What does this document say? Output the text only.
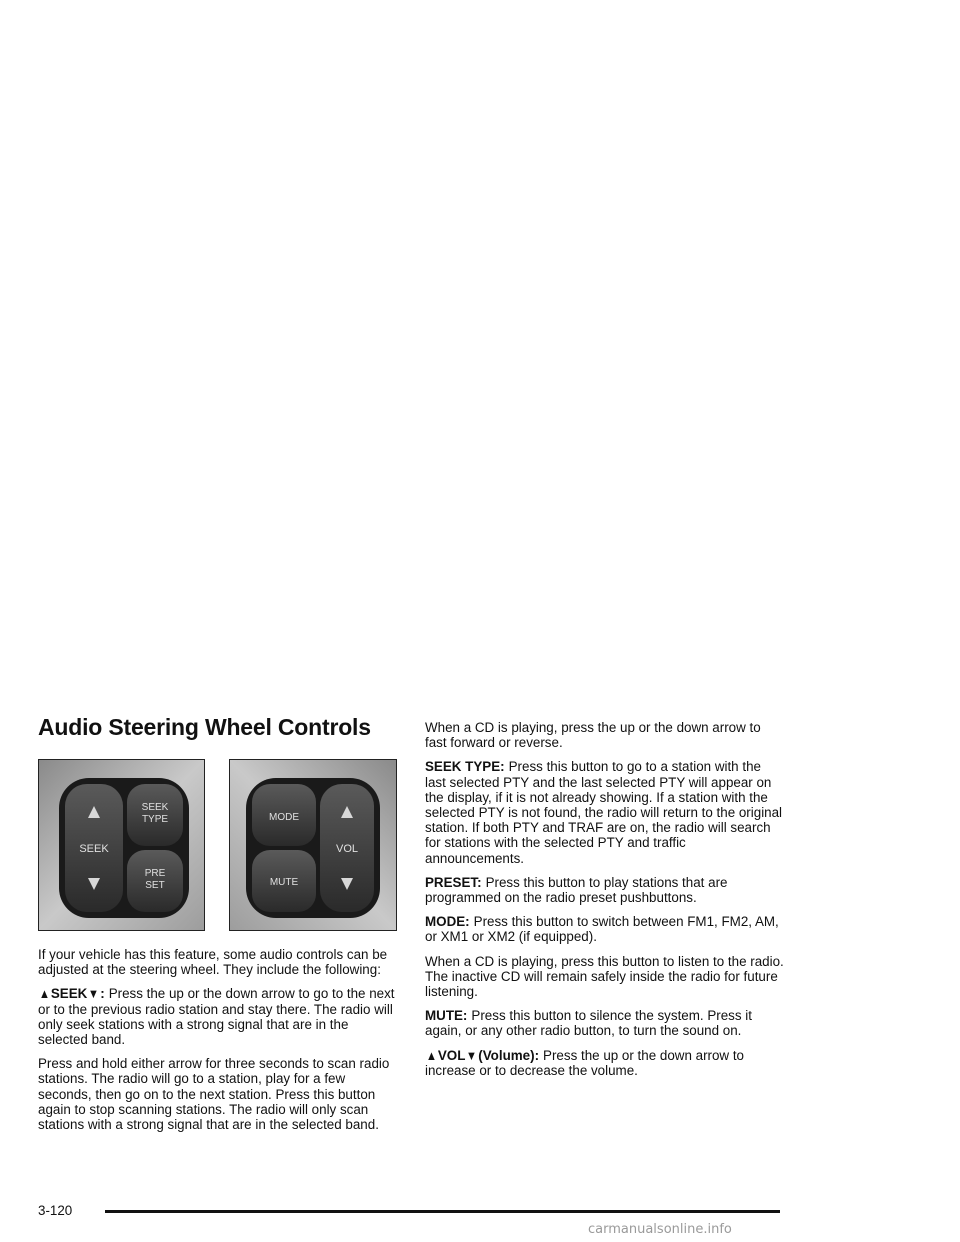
Audio Steering Wheel Controls
SEEK
SEEK TYPE
PRE SET
MODE
MUTE
VOL

If your vehicle has this feature, some audio controls can be adjusted at the steering wheel. They include the following:

▲SEEK▼: Press the up or the down arrow to go to the next or to the previous radio station and stay there. The radio will only seek stations with a strong signal that are in the selected band.

Press and hold either arrow for three seconds to scan radio stations. The radio will go to a station, play for a few seconds, then go on to the next station. Press this button again to stop scanning stations. The radio will only scan stations with a strong signal that are in the selected band.

When a CD is playing, press the up or the down arrow to fast forward or reverse.

SEEK TYPE: Press this button to go to a station with the last selected PTY and the last selected PTY will appear on the display, if it is not already showing. If a station with the selected PTY is not found, the radio will return to the original station. If both PTY and TRAF are on, the radio will search for stations with the selected PTY and traffic announcements.

PRESET: Press this button to play stations that are programmed on the radio preset pushbuttons.

MODE: Press this button to switch between FM1, FM2, AM, or XM1 or XM2 (if equipped).

When a CD is playing, press this button to listen to the radio. The inactive CD will remain safely inside the radio for future listening.

MUTE: Press this button to silence the system. Press it again, or any other radio button, to turn the sound on.

▲VOL▼(Volume): Press the up or the down arrow to increase or to decrease the volume.

3-120
carmanualsonline.info
